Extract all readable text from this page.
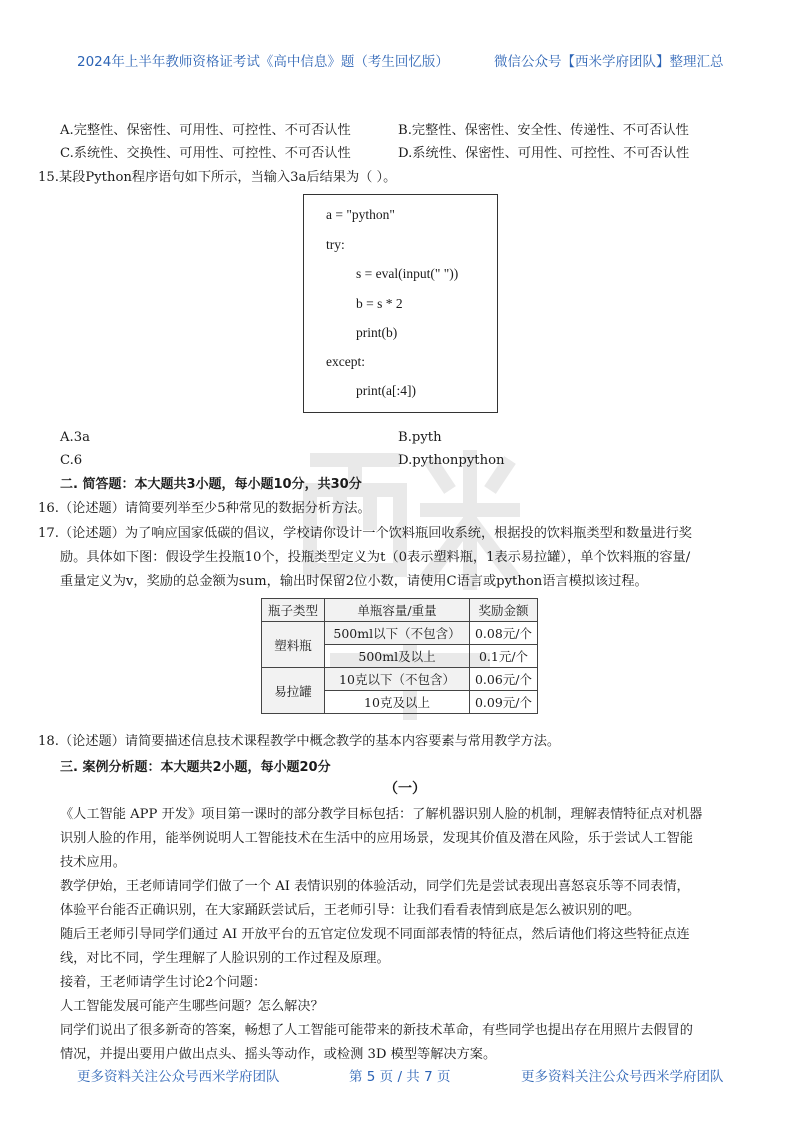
2024年上半年教师资格证考试《高中信息》题（考生回忆版）	微信公众号【西米学府团队】整理汇总
A.完整性、保密性、可用性、可控性、不可否认性	B.完整性、保密性、安全性、传递性、不可否认性
C.系统性、交换性、可用性、可控性、不可否认性	D.系统性、保密性、可用性、可控性、不可否认性
15.某段Python程序语句如下所示，当输入3a后结果为（ ）。
a = "python"
try:
s = eval(input(" "))
b = s * 2
print(b)
except:
print(a[:4])
A.3a	B.pyth
C.6	D.pythonpython
二. 简答题：本大题共3小题，每小题10分，共30分
16.（论述题）请简要列举至少5种常见的数据分析方法。
17.（论述题）为了响应国家低碳的倡议，学校请你设计一个饮料瓶回收系统，根据投的饮料瓶类型和数量进行奖
励。具体如下图：假设学生投瓶10个，投瓶类型定义为t（0表示塑料瓶，1表示易拉罐），单个饮料瓶的容量/
重量定义为v，奖励的总金额为sum，输出时保留2位小数，请使用C语言或python语言模拟该过程。
瓶子类型	单瓶容量/重量	奖励金额
塑料瓶	500ml以下（不包含）	0.08元/个
	500ml及以上	0.1元/个
易拉罐	10克以下（不包含）	0.06元/个
	10克及以上	0.09元/个
18.（论述题）请简要描述信息技术课程教学中概念教学的基本内容要素与常用教学方法。
三. 案例分析题：本大题共2小题，每小题20分
（一）
《人工智能 APP 开发》项目第一课时的部分教学目标包括：了解机器识别人脸的机制，理解表情特征点对机器
识别人脸的作用，能举例说明人工智能技术在生活中的应用场景，发现其价值及潜在风险，乐于尝试人工智能
技术应用。
教学伊始，王老师请同学们做了一个 AI 表情识别的体验活动，同学们先是尝试表现出喜怒哀乐等不同表情，
体验平台能否正确识别，在大家踊跃尝试后，王老师引导：让我们看看表情到底是怎么被识别的吧。
随后王老师引导同学们通过 AI 开放平台的五官定位发现不同面部表情的特征点，然后请他们将这些特征点连
线，对比不同，学生理解了人脸识别的工作过程及原理。
接着，王老师请学生讨论2个问题：
人工智能发展可能产生哪些问题？怎么解决？
同学们说出了很多新奇的答案，畅想了人工智能可能带来的新技术革命，有些同学也提出存在用照片去假冒的
情况，并提出要用户做出点头、摇头等动作，或检测 3D 模型等解决方案。
更多资料关注公众号西米学府团队	第 5 页 / 共 7 页	更多资料关注公众号西米学府团队
